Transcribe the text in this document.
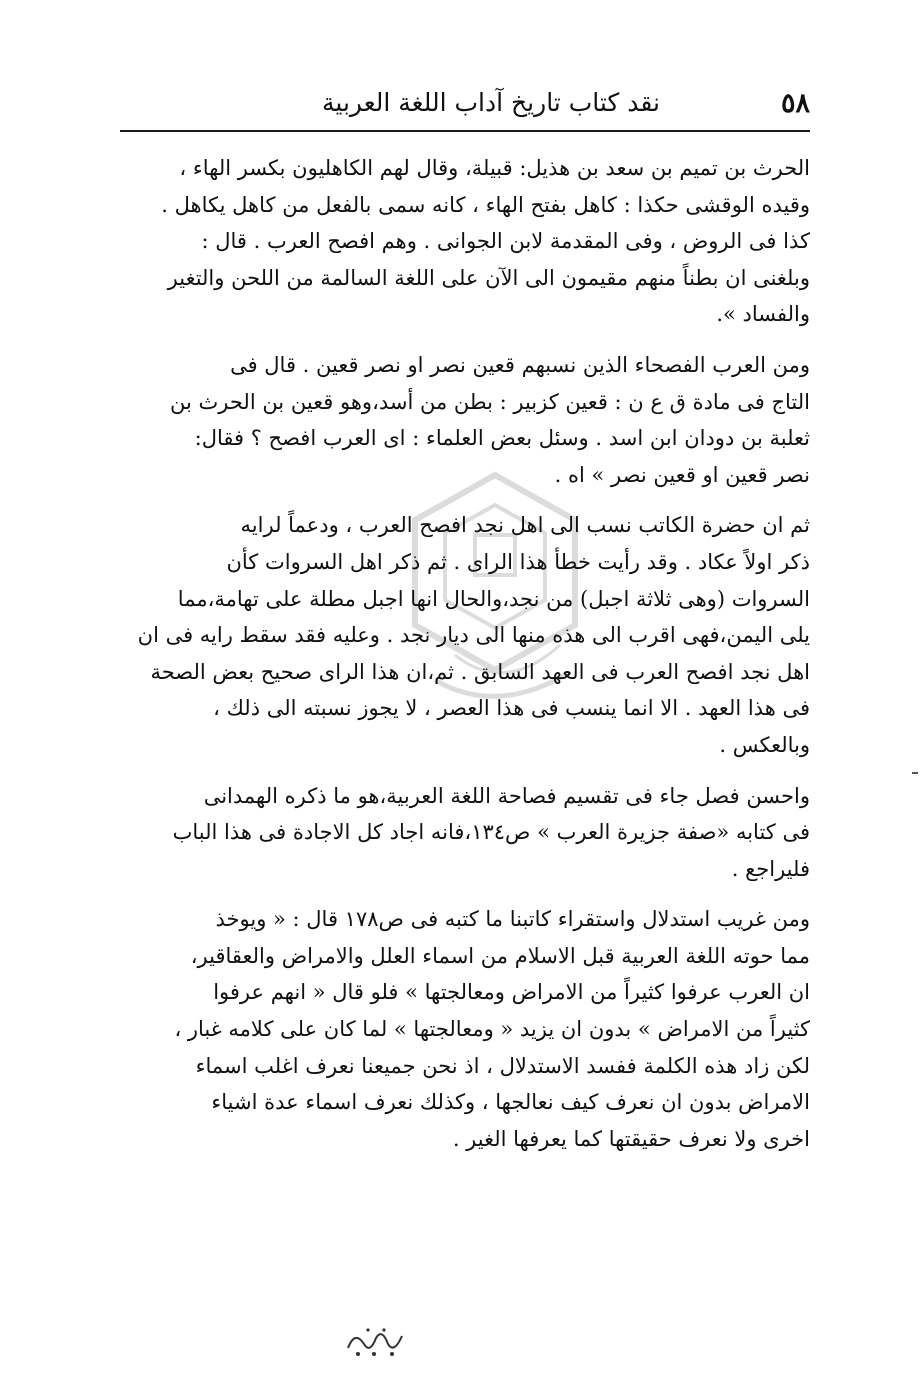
٥٨
نقد كتاب تاريخ آداب اللغة العربية

الحرث بن تميم بن سعد بن هذيل: قبيلة، وقال لهم الكاهليون بكسر الهاء ،
وقيده الوقشى حكذا : كاهل بفتح الهاء ، كانه سمى بالفعل من كاهل يكاهل .
كذا فى الروض ، وفى المقدمة لابن الجوانى . وهم افصح العرب . قال :
وبلغنى ان بطناً منهم مقيمون الى الآن على اللغة السالمة من اللحن والتغير
والفساد ».

ومن العرب الفصحاء الذين نسبهم قعين نصر او نصر قعين . قال فى
التاج فى مادة ق ع ن : قعين كزبير : بطن من أسد،وهو قعين بن الحرث بن
ثعلبة بن دودان ابن اسد . وسئل بعض العلماء : اى العرب افصح ؟ فقال:
نصر قعين او قعين نصر » اه .

ثم ان حضرة الكاتب نسب الى اهل نجد افصح العرب ، ودعماً لرايه
ذكر اولاً عكاد . وقد رأيت خطأ هذا الراى . ثم ذكر اهل السروات كأن
السروات (وهى ثلاثة اجبل) من نجد،والحال انها اجبل مطلة على تهامة،مما
يلى اليمن،فهى اقرب الى هذه منها الى ديار نجد . وعليه فقد سقط رايه فى ان
اهل نجد افصح العرب فى العهد السابق . ثم،ان هذا الراى صحيح بعض الصحة
فى هذا العهد . الا انما ينسب فى هذا العصر ، لا يجوز نسبته الى ذلك ،
وبالعكس .

واحسن فصل جاء فى تقسيم فصاحة اللغة العربية،هو ما ذكره الهمدانى
فى كتابه «صفة جزيرة العرب » ص١٣٤،فانه اجاد كل الاجادة فى هذا الباب
فليراجع .

ومن غريب استدلال واستقراء كاتبنا ما كتبه فى ص١٧٨ قال : « ويوخذ
مما حوته اللغة العربية قبل الاسلام من اسماء العلل والامراض والعقاقير،
ان العرب عرفوا كثيراً من الامراض ومعالجتها » فلو قال « انهم عرفوا
كثيراً من الامراض » بدون ان يزيد « ومعالجتها » لما كان على كلامه غبار ،
لكن زاد هذه الكلمة ففسد الاستدلال ، اذ نحن جميعنا نعرف اغلب اسماء
الامراض بدون ان نعرف كيف نعالجها ، وكذلك نعرف اسماء عدة اشياء
اخرى ولا نعرف حقيقتها كما يعرفها الغير .
